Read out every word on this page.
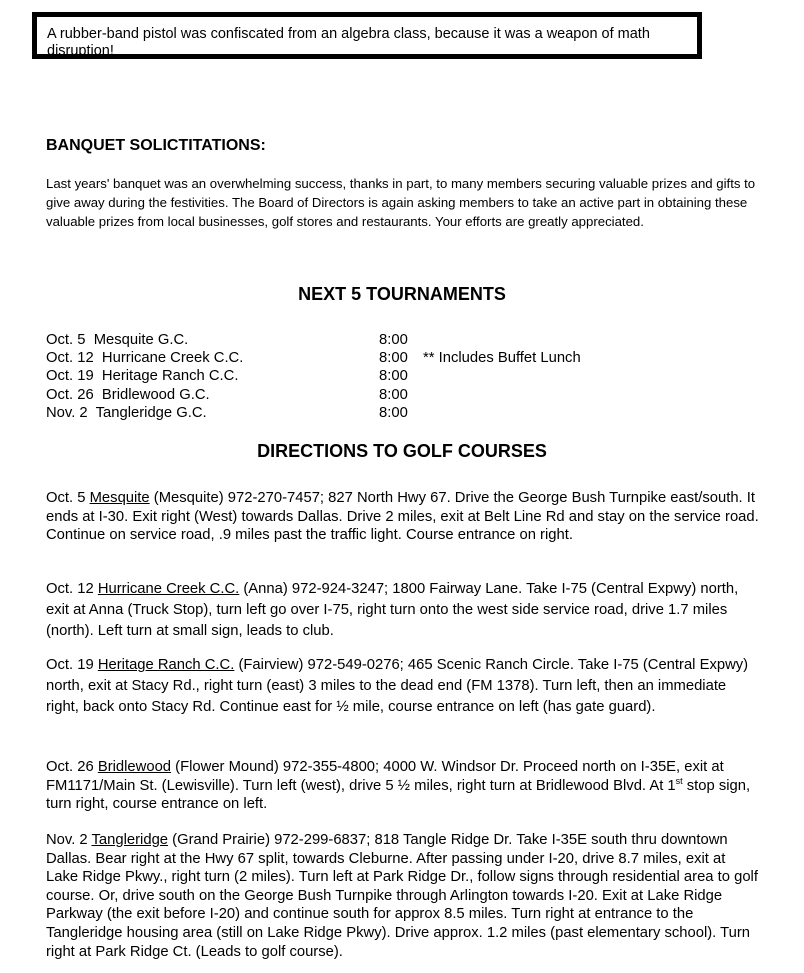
A rubber-band pistol was confiscated from an algebra class, because it was a weapon of math disruption!
BANQUET SOLICTITATIONS:
Last years' banquet was an overwhelming success, thanks in part, to many members securing valuable prizes and gifts to give away during the festivities. The Board of Directors is again asking members to take an active part in obtaining these valuable prizes from local businesses, golf stores and restaurants. Your efforts are greatly appreciated.
NEXT 5 TOURNAMENTS
Oct. 5  Mesquite G.C.	8:00
Oct. 12  Hurricane Creek C.C.	8:00 ** Includes Buffet Lunch
Oct. 19  Heritage Ranch C.C.	8:00
Oct. 26  Bridlewood G.C.	8:00
Nov. 2  Tangleridge G.C.	8:00
DIRECTIONS TO GOLF COURSES
Oct. 5 Mesquite (Mesquite) 972-270-7457; 827 North Hwy 67. Drive the George Bush Turnpike east/south. It ends at I-30. Exit right (West) towards Dallas. Drive 2 miles, exit at Belt Line Rd and stay on the service road. Continue on service road, .9 miles past the traffic light. Course entrance on right.
Oct. 12 Hurricane Creek C.C. (Anna) 972-924-3247; 1800 Fairway Lane. Take I-75 (Central Expwy) north, exit at Anna (Truck Stop), turn left go over I-75, right turn onto the west side service road, drive 1.7 miles (north). Left turn at small sign, leads to club.
Oct. 19 Heritage Ranch C.C. (Fairview) 972-549-0276; 465 Scenic Ranch Circle. Take I-75 (Central Expwy) north, exit at Stacy Rd., right turn (east) 3 miles to the dead end (FM 1378). Turn left, then an immediate right, back onto Stacy Rd. Continue east for ½ mile, course entrance on left (has gate guard).
Oct. 26 Bridlewood (Flower Mound) 972-355-4800; 4000 W. Windsor Dr. Proceed north on I-35E, exit at FM1171/Main St. (Lewisville). Turn left (west), drive 5 ½ miles, right turn at Bridlewood Blvd. At 1st stop sign, turn right, course entrance on left.
Nov. 2 Tangleridge (Grand Prairie) 972-299-6837; 818 Tangle Ridge Dr. Take I-35E south thru downtown Dallas. Bear right at the Hwy 67 split, towards Cleburne. After passing under I-20, drive 8.7 miles, exit at Lake Ridge Pkwy., right turn (2 miles). Turn left at Park Ridge Dr., follow signs through residential area to golf course. Or, drive south on the George Bush Turnpike through Arlington towards I-20. Exit at Lake Ridge Parkway (the exit before I-20) and continue south for approx 8.5 miles. Turn right at entrance to the Tangleridge housing area (still on Lake Ridge Pkwy). Drive approx. 1.2 miles (past elementary school). Turn right at Park Ridge Ct. (Leads to golf course).
